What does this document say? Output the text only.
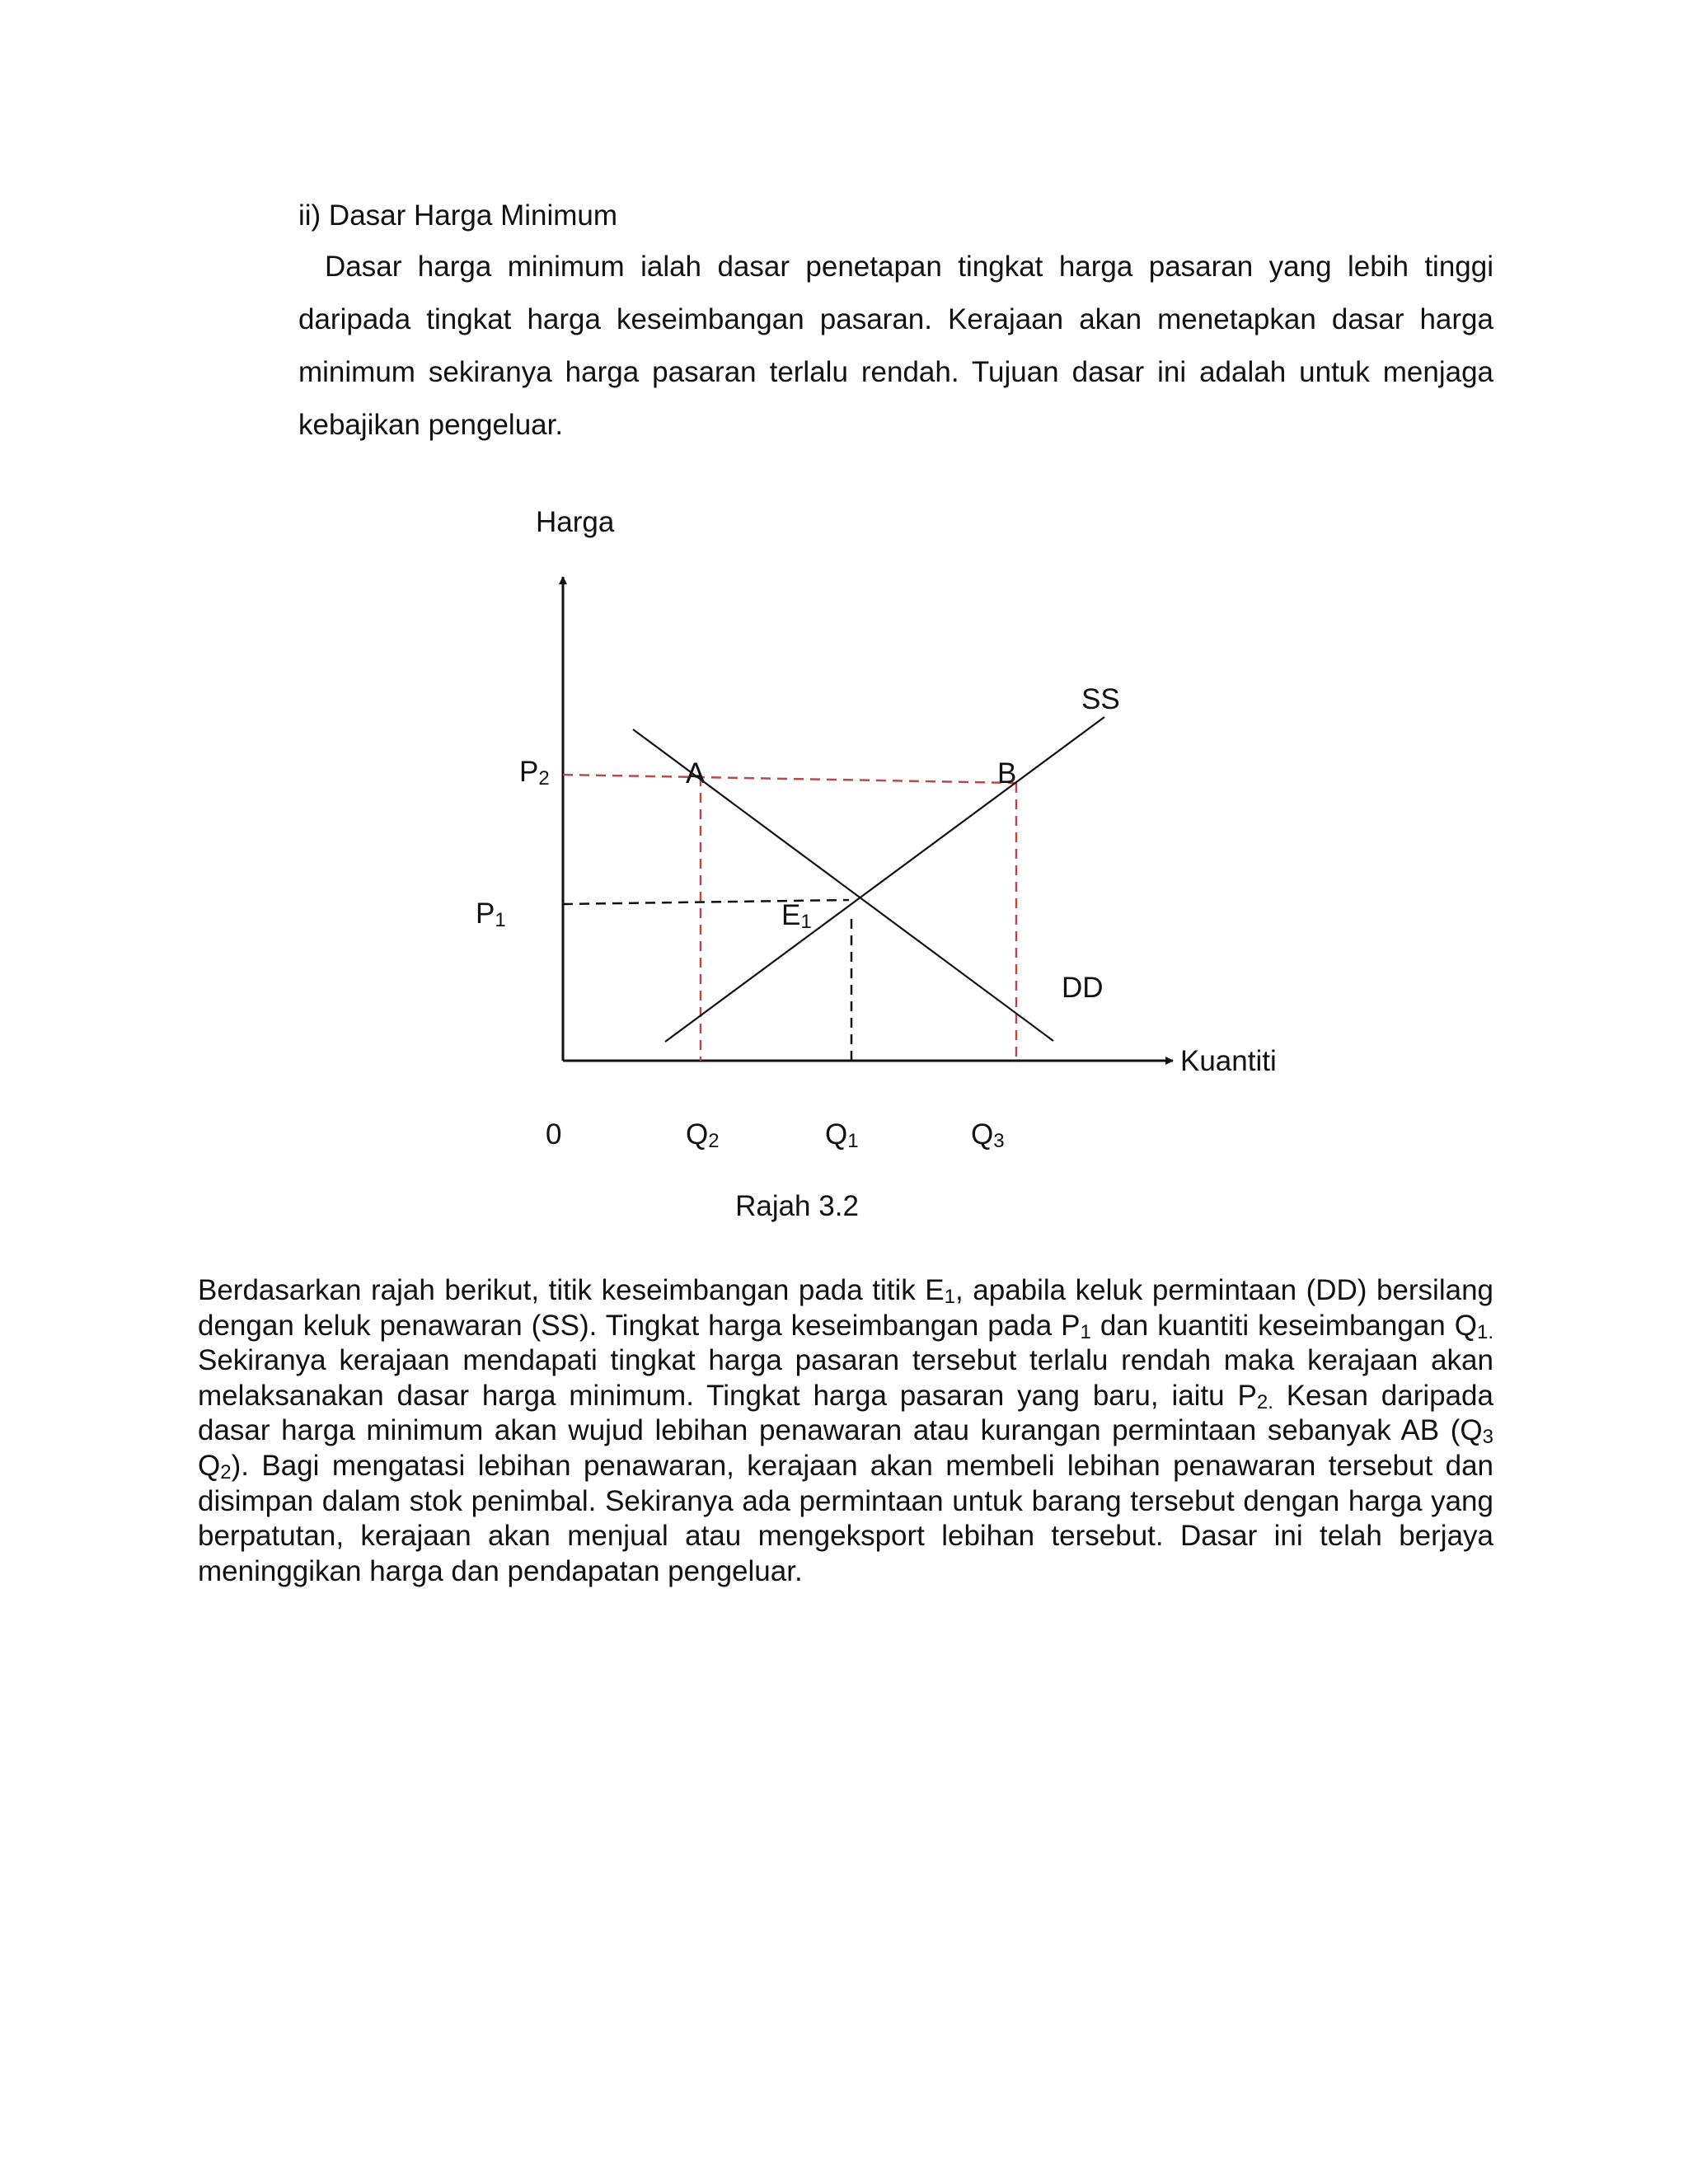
ii) Dasar Harga Minimum

Dasar harga minimum ialah dasar penetapan tingkat harga pasaran yang lebih tinggi daripada tingkat harga keseimbangan pasaran. Kerajaan akan menetapkan dasar harga minimum sekiranya harga pasaran terlalu rendah. Tujuan dasar ini adalah untuk menjaga kebajikan pengeluar.

Harga
Kuantiti
0
P2
P1
Q2	Q1	Q3
E1
A	B
SS
DD
Rajah 3.2

Berdasarkan rajah berikut, titik keseimbangan pada titik $E_1$, apabila keluk permintaan (DD) bersilang dengan keluk penawaran (SS). Tingkat harga keseimbangan pada $P_1$ dan kuantiti keseimbangan $Q_{1.}$ Sekiranya kerajaan mendapati tingkat harga pasaran tersebut terlalu rendah maka kerajaan akan melaksanakan dasar harga minimum. Tingkat harga pasaran yang baru, iaitu $P_{2.}$ Kesan daripada dasar harga minimum akan wujud lebihan penawaran atau kurangan permintaan sebanyak AB ($Q_3$ $Q_2$). Bagi mengatasi lebihan penawaran, kerajaan akan membeli lebihan penawaran tersebut dan disimpan dalam stok penimbal. Sekiranya ada permintaan untuk barang tersebut dengan harga yang berpatutan, kerajaan akan menjual atau mengeksport lebihan tersebut. Dasar ini telah berjaya meninggikan harga dan pendapatan pengeluar.
